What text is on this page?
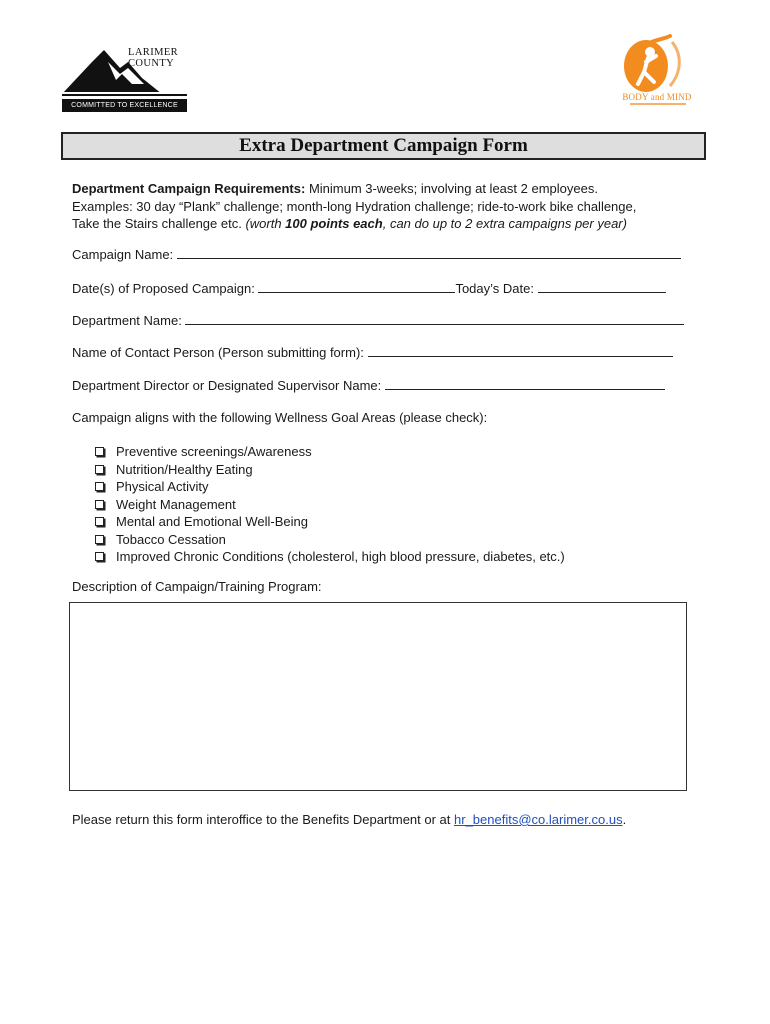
LARIMER
COUNTY
COMMITTED TO EXCELLENCE
BODY and MIND
Extra Department Campaign Form
Department Campaign Requirements: Minimum 3-weeks; involving at least 2 employees.
Examples: 30 day “Plank” challenge; month-long Hydration challenge; ride-to-work bike challenge,
Take the Stairs challenge etc. (worth 100 points each, can do up to 2 extra campaigns per year)
Campaign Name:
Date(s) of Proposed Campaign:	Today’s Date:
Department Name:
Name of Contact Person (Person submitting form):
Department Director or Designated Supervisor Name:
Campaign aligns with the following Wellness Goal Areas (please check):
Preventive screenings/Awareness
Nutrition/Healthy Eating
Physical Activity
Weight Management
Mental and Emotional Well-Being
Tobacco Cessation
Improved Chronic Conditions (cholesterol, high blood pressure, diabetes, etc.)
Description of Campaign/Training Program:
Please return this form interoffice to the Benefits Department or at hr_benefits@co.larimer.co.us.
